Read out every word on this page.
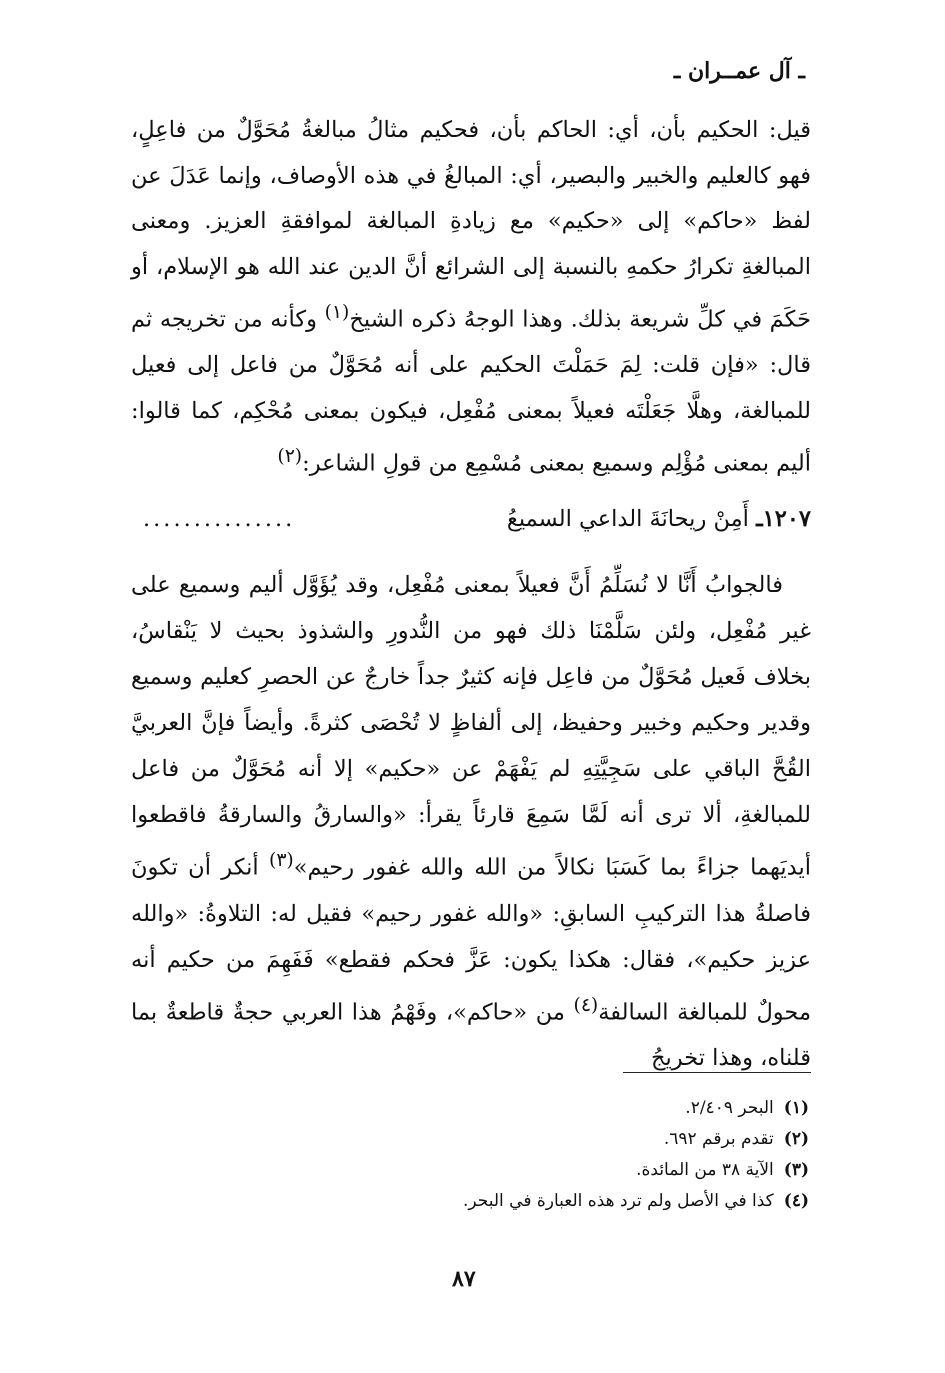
ـ آل عمــران ـ

قيل: الحكيم بأن، أي: الحاكم بأن، فحكيم مثالُ مبالغةُ مُحَوَّلٌ من فاعِلٍ، فهو كالعليم والخبير والبصير، أي: المبالغُ في هذه الأوصاف، وإنما عَدَلَ عن لفظ «حاكم» إلى «حكيم» مع زيادةِ المبالغة لموافقةِ العزيز. ومعنى المبالغةِ تكرارُ حكمهِ بالنسبة إلى الشرائع أنَّ الدين عند الله هو الإسلام، أو حَكَمَ في كلِّ شريعة بذلك. وهذا الوجهُ ذكره الشيخ$^{(١)}$ وكأنه من تخريجه ثم قال: «فإن قلت: لِمَ حَمَلْتَ الحكيم على أنه مُحَوَّلٌ من فاعل إلى فعيل للمبالغة، وهلَّا جَعَلْتَه فعيلاً بمعنى مُفْعِل، فيكون بمعنى مُحْكِم، كما قالوا: أليم بمعنى مُؤْلِم وسميع بمعنى مُسْمِع من قولِ الشاعر:$^{(٢)}$

١٢٠٧ـ أَمِنْ ريحانَةَ الداعي السميعُ
...............

فالجوابُ أَنَّا لا نُسَلِّمُ أَنَّ فعيلاً بمعنى مُفْعِل، وقد يُؤَوَّل أليم وسميع على غير مُفْعِل، ولئن سَلَّمْنَا ذلك فهو من النُّدورِ والشذوذ بحيث لا يَنْقاسُ، بخلاف فَعيل مُحَوَّلٌ من فاعِل فإنه كثيرٌ جداً خارجٌ عن الحصرِ كعليم وسميع وقدير وحكيم وخبير وحفيظ، إلى ألفاظٍ لا تُحْصَى كثرةً. وأيضاً فإنَّ العربيَّ القُحَّ الباقي على سَجِيَّتِهِ لم يَفْهَمْ عن «حكيم» إلا أنه مُحَوَّلٌ من فاعل للمبالغةِ، ألا ترى أنه لَمَّا سَمِعَ قارئاً يقرأ: «والسارقُ والسارقةُ فاقطعوا أيديَهما جزاءً بما كَسَبَا نكالاً من الله والله غفور رحيم»$^{(٣)}$ أنكر أن تكونَ فاصلةُ هذا التركيبِ السابقِ: «والله غفور رحيم» فقيل له: التلاوةُ: «والله عزيز حكيم»، فقال: هكذا يكون: عَزَّ فحكم فقطع» فَفَهِمَ من حكيم أنه محولٌ للمبالغة السالفة$^{(٤)}$ من «حاكم»، وفَهْمُ هذا العربي حجةٌ قاطعةٌ بما قلناه، وهذا تخريجُ

(١)البحر ٢/٤٠٩.
(٢)تقدم برقم ٦٩٢.
(٣)الآية ٣٨ من المائدة.
(٤)كذا في الأصل ولم ترد هذه العبارة في البحر.
٨٧
